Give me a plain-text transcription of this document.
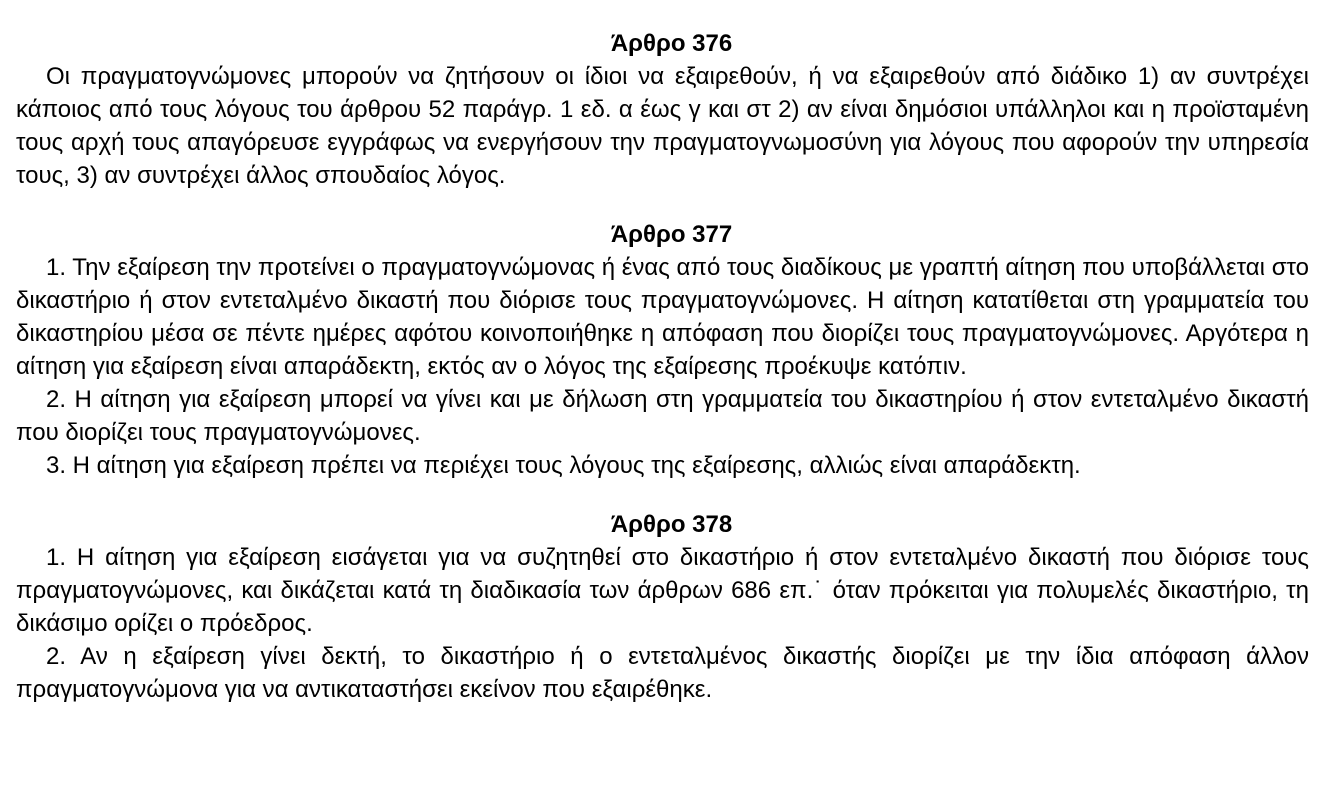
Άρθρο 376

Οι πραγματογνώμονες μπορούν να ζητήσουν οι ίδιοι να εξαιρεθούν, ή να εξαιρεθούν από διάδικο 1) αν συντρέχει κάποιος από τους λόγους του άρθρου 52 παράγρ. 1 εδ. α έως γ και στ 2) αν είναι δημόσιοι υπάλληλοι και η προϊσταμένη τους αρχή τους απαγόρευσε εγγράφως να ενεργήσουν την πραγματογνωμοσύνη για λόγους που αφορούν την υπηρεσία τους, 3) αν συντρέχει άλλος σπουδαίος λόγος.

Άρθρο 377

1. Την εξαίρεση την προτείνει ο πραγματογνώμονας ή ένας από τους διαδίκους με γραπτή αίτηση που υποβάλλεται στο δικαστήριο ή στον εντεταλμένο δικαστή που διόρισε τους πραγματογνώμονες. Η αίτηση κατατίθεται στη γραμματεία του δικαστηρίου μέσα σε πέντε ημέρες αφότου κοινοποιήθηκε η απόφαση που διορίζει τους πραγματογνώμονες. Αργότερα η αίτηση για εξαίρεση είναι απαράδεκτη, εκτός αν ο λόγος της εξαίρεσης προέκυψε κατόπιν.

2. Η αίτηση για εξαίρεση μπορεί να γίνει και με δήλωση στη γραμματεία του δικαστηρίου ή στον εντεταλμένο δικαστή που διορίζει τους πραγματογνώμονες.

3. Η αίτηση για εξαίρεση πρέπει να περιέχει τους λόγους της εξαίρεσης, αλλιώς είναι απαράδεκτη.

Άρθρο 378

1. Η αίτηση για εξαίρεση εισάγεται για να συζητηθεί στο δικαστήριο ή στον εντεταλμένο δικαστή που διόρισε τους πραγματογνώμονες, και δικάζεται κατά τη διαδικασία των άρθρων 686 επ.˙ όταν πρόκειται για πολυμελές δικαστήριο, τη δικάσιμο ορίζει ο πρόεδρος.

2. Αν η εξαίρεση γίνει δεκτή, το δικαστήριο ή ο εντεταλμένος δικαστής διορίζει με την ίδια απόφαση άλλον πραγματογνώμονα για να αντικαταστήσει εκείνον που εξαιρέθηκε.
